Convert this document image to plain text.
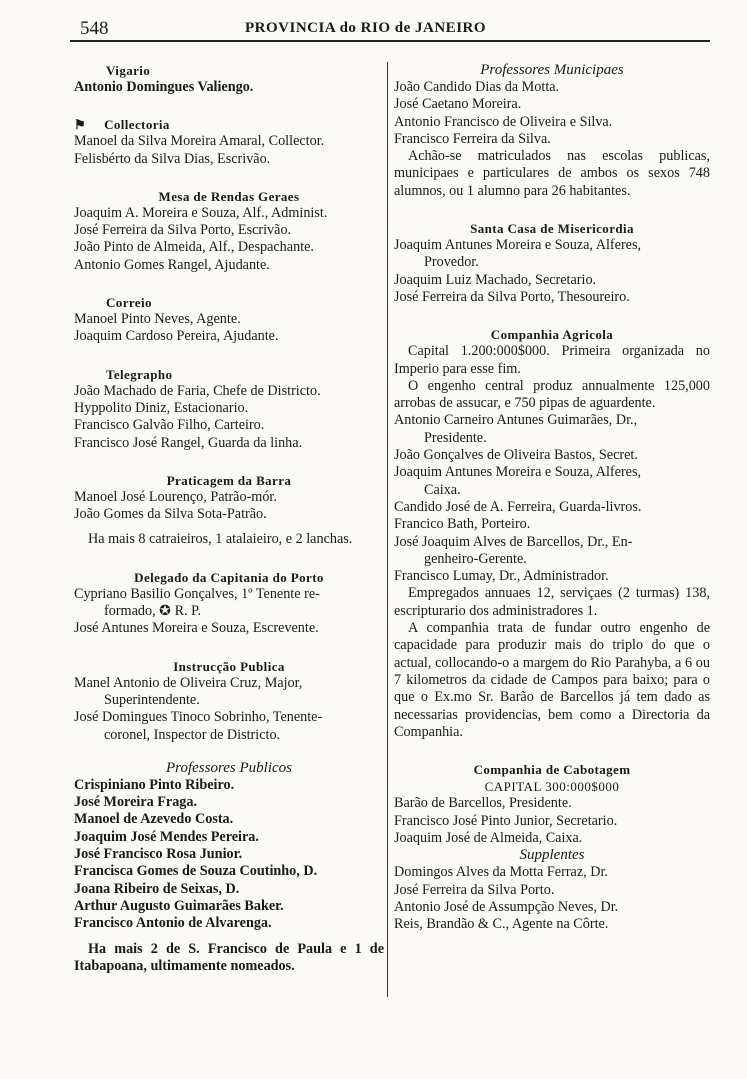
548	PROVINCIA do RIO de JANEIRO
Vigario
Antonio Domingues Valiengo.
⚑ Collectoria
Manoel da Silva Moreira Amaral, Collector.
Felisbérto da Silva Dias, Escrivão.
Mesa de Rendas Geraes
Joaquim A. Moreira e Souza, Alf., Administ.
José Ferreira da Silva Porto, Escrivão.
João Pinto de Almeida, Alf., Despachante.
Antonio Gomes Rangel, Ajudante.
Correio
Manoel Pinto Neves, Agente.
Joaquim Cardoso Pereira, Ajudante.
Telegrapho
João Machado de Faria, Chefe de Districto.
Hyppolito Diniz, Estacionario.
Francisco Galvão Filho, Carteiro.
Francisco José Rangel, Guarda da linha.
Praticagem da Barra
Manoel José Lourenço, Patrão-mór.
João Gomes da Silva Sota-Patrão.
Ha mais 8 catraieiros, 1 atalaieiro, e 2 lanchas.
Delegado da Capitania do Porto
Cypriano Basilio Gonçalves, 1º Tenente re-
formado, ✪ R. P.
José Antunes Moreira e Souza, Escrevente.
Instrucção Publica
Manel Antonio de Oliveira Cruz, Major,
Superintendente.
José Domingues Tinoco Sobrinho, Tenente-
coronel, Inspector de Districto.
Professores Publicos
Crispiniano Pinto Ribeiro.
José Moreira Fraga.
Manoel de Azevedo Costa.
Joaquim José Mendes Pereira.
José Francisco Rosa Junior.
Francisca Gomes de Souza Coutinho, D.
Joana Ribeiro de Seixas, D.
Arthur Augusto Guimarães Baker.
Francisco Antonio de Alvarenga.
Ha mais 2 de S. Francisco de Paula e 1 de Itabapoana, ultimamente nomeados.
Professores Municipaes
João Candido Dias da Motta.
José Caetano Moreira.
Antonio Francisco de Oliveira e Silva.
Francisco Ferreira da Silva.
Achão-se matriculados nas escolas publicas, municipaes e particulares de ambos os sexos 748 alumnos, ou 1 alumno para 26 habitantes.
Santa Casa de Misericordia
Joaquim Antunes Moreira e Souza, Alferes,
Provedor.
Joaquim Luiz Machado, Secretario.
José Ferreira da Silva Porto, Thesoureiro.
Companhia Agricola
Capital 1.200:000$000. Primeira organizada no Imperio para esse fim.
O engenho central produz annualmente 125,000 arrobas de assucar, e 750 pipas de aguardente.
Antonio Carneiro Antunes Guimarães, Dr.,
Presidente.
João Gonçalves de Oliveira Bastos, Secret.
Joaquim Antunes Moreira e Souza, Alferes,
Caixa.
Candido José de A. Ferreira, Guarda-livros.
Francico Bath, Porteiro.
José Joaquim Alves de Barcellos, Dr., En-
genheiro-Gerente.
Francisco Lumay, Dr., Administrador.
Empregados annuaes 12, serviçaes (2 turmas) 138, escripturario dos administradores 1.
A companhia trata de fundar outro engenho de capacidade para produzir mais do triplo do que o actual, collocando-o a margem do Rio Parahyba, a 6 ou 7 kilometros da cidade de Campos para baixo; para o que o Ex.mo Sr. Barão de Barcellos já tem dado as necessarias providencias, bem como a Directoria da Companhia.
Companhia de Cabotagem
CAPITAL 300:000$000
Barão de Barcellos, Presidente.
Francisco José Pinto Junior, Secretario.
Joaquim José de Almeida, Caixa.
Supplentes
Domingos Alves da Motta Ferraz, Dr.
José Ferreira da Silva Porto.
Antonio José de Assumpção Neves, Dr.
Reis, Brandão & C., Agente na Côrte.
